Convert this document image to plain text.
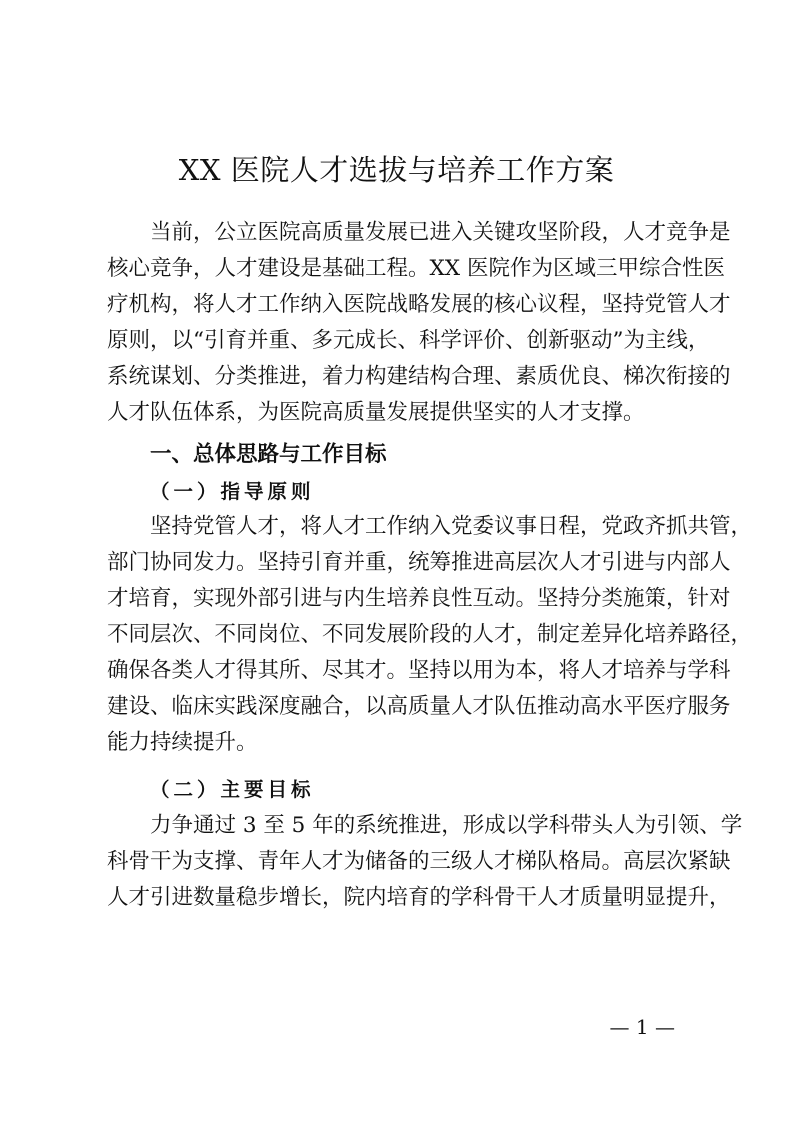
XX 医院人才选拔与培养工作方案
当前，公立医院高质量发展已进入关键攻坚阶段，人才竞争是
核心竞争，人才建设是基础工程。XX 医院作为区域三甲综合性医
疗机构，将人才工作纳入医院战略发展的核心议程，坚持党管人才
原则，以“引育并重、多元成长、科学评价、创新驱动”为主线，
系统谋划、分类推进，着力构建结构合理、素质优良、梯次衔接的
人才队伍体系，为医院高质量发展提供坚实的人才支撑。
一、总体思路与工作目标
（一）指导原则
坚持党管人才，将人才工作纳入党委议事日程，党政齐抓共管，
部门协同发力。坚持引育并重，统筹推进高层次人才引进与内部人
才培育，实现外部引进与内生培养良性互动。坚持分类施策，针对
不同层次、不同岗位、不同发展阶段的人才，制定差异化培养路径，
确保各类人才得其所、尽其才。坚持以用为本，将人才培养与学科
建设、临床实践深度融合，以高质量人才队伍推动高水平医疗服务
能力持续提升。
（二）主要目标
力争通过 3 至 5 年的系统推进，形成以学科带头人为引领、学
科骨干为支撑、青年人才为储备的三级人才梯队格局。高层次紧缺
人才引进数量稳步增长，院内培育的学科骨干人才质量明显提升，
— 1 —
